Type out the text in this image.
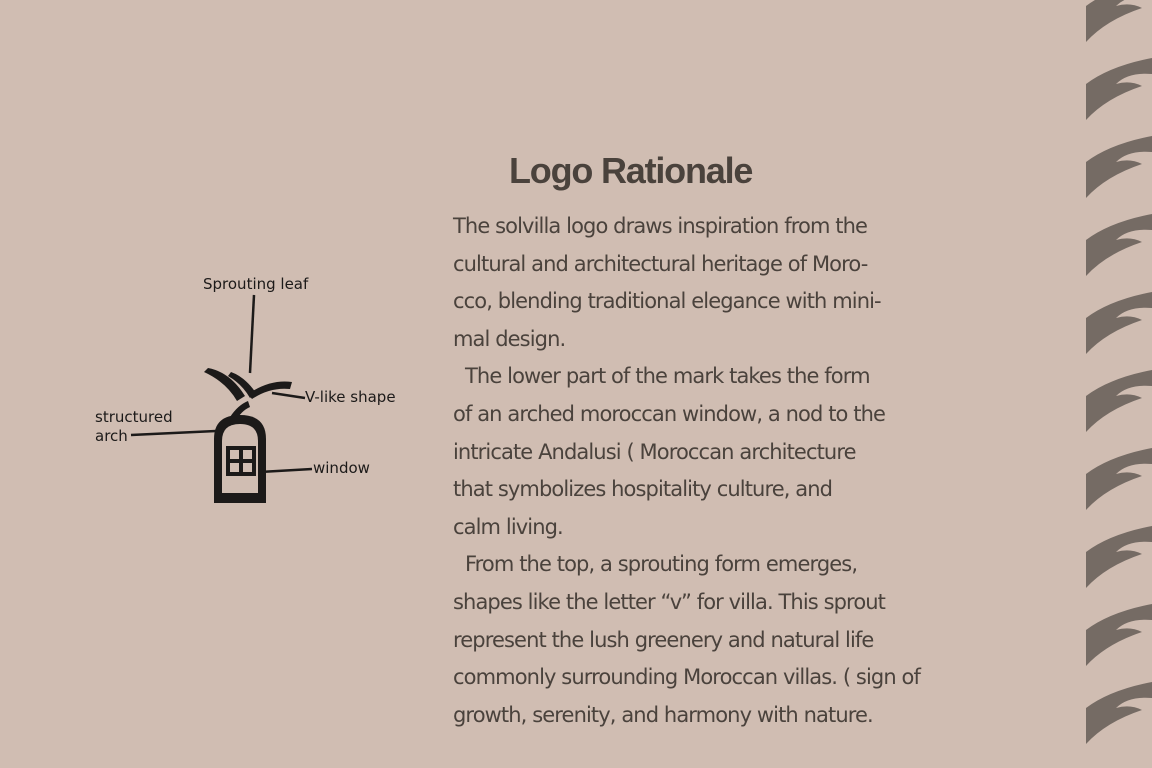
Logo Rationale
The solvilla logo draws inspiration from the
cultural and architectural heritage of Moro-
cco, blending traditional elegance with mini-
mal design.
The lower part of the mark takes the form
of an arched moroccan window, a nod to the
intricate Andalusi ( Moroccan architecture
that symbolizes hospitality culture, and
calm living.
From the top, a sprouting form emerges,
shapes like the letter “v” for villa. This sprout
represent the lush greenery and natural life
commonly surrounding Moroccan villas. ( sign of
growth, serenity, and harmony with nature.
Sprouting leaf
V-like shape
structured
arch
window
